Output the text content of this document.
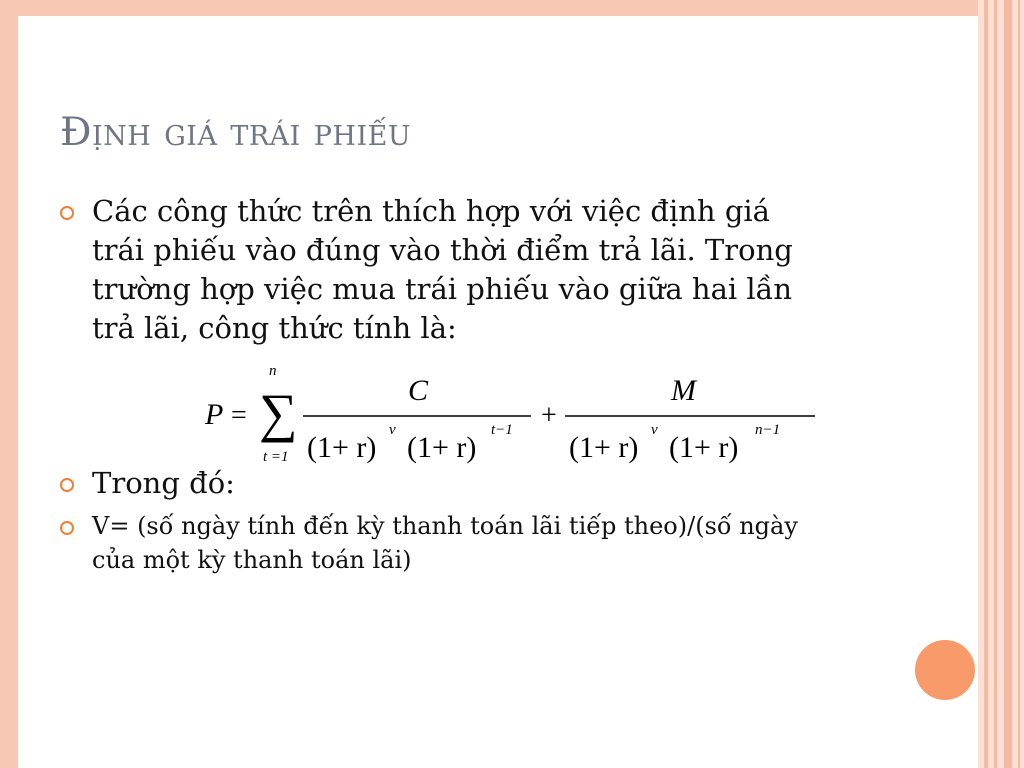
Định giá trái phiếu
Các công thức trên thích hợp với việc định giá
trái phiếu vào đúng vào thời điểm trả lãi. Trong
trường hợp việc mua trái phiếu vào giữa hai lần
trả lãi, công thức tính là:
P = ∑
n
t =1
C
(1+ r)
v
(1+ r)
t−1 +
M
(1+ r)
v
(1+ r)
n−1
Trong đó:
V= (số ngày tính đến kỳ thanh toán lãi tiếp theo)/(số ngày
của một kỳ thanh toán lãi)
